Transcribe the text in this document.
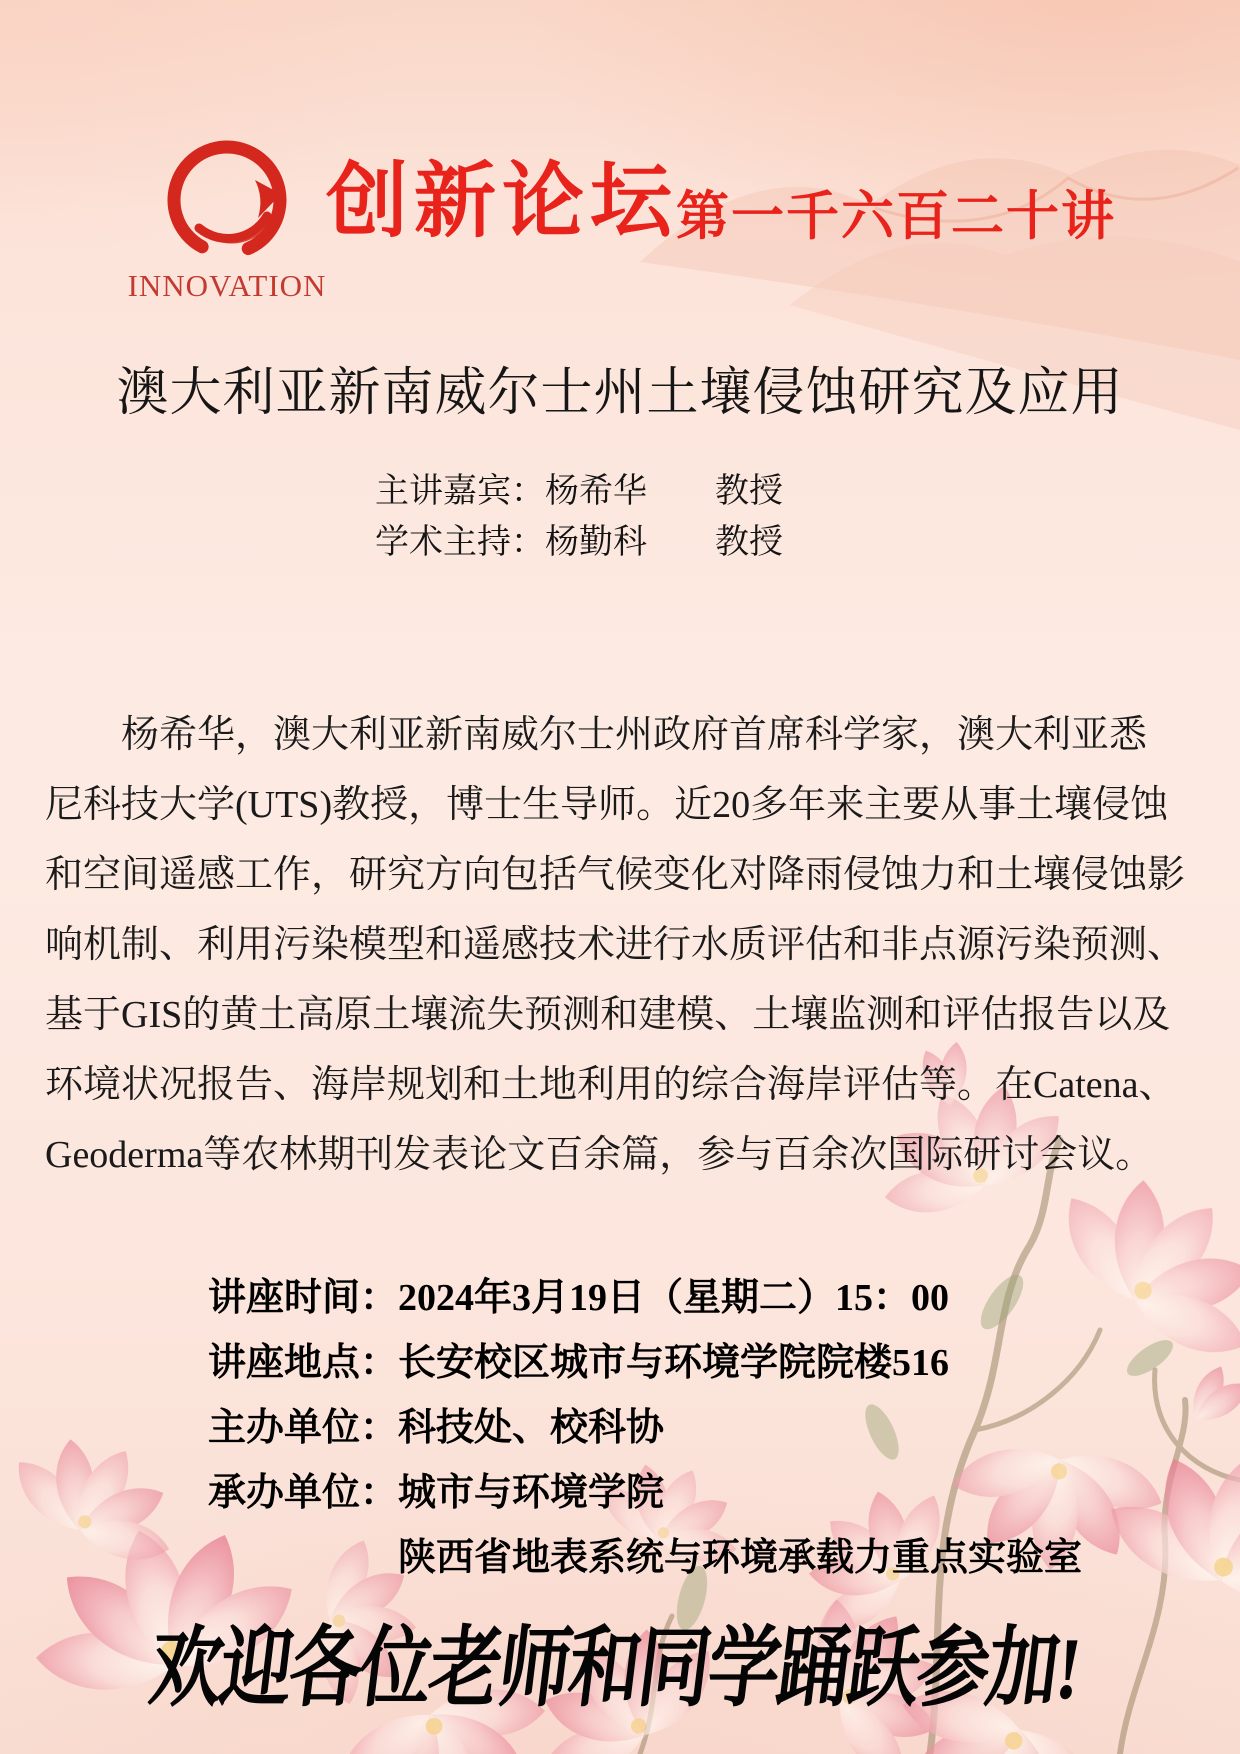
INNOVATION
创新论坛
第一千六百二十讲
澳大利亚新南威尔士州土壤侵蚀研究及应用
主讲嘉宾：杨希华 教授
学术主持：杨勤科 教授
杨希华，澳大利亚新南威尔士州政府首席科学家，澳大利亚悉
尼科技大学(UTS)教授，博士生导师。近20多年来主要从事土壤侵蚀
和空间遥感工作，研究方向包括气候变化对降雨侵蚀力和土壤侵蚀影
响机制、利用污染模型和遥感技术进行水质评估和非点源污染预测、
基于GIS的黄土高原土壤流失预测和建模、土壤监测和评估报告以及
环境状况报告、海岸规划和土地利用的综合海岸评估等。在Catena、
Geoderma等农林期刊发表论文百余篇，参与百余次国际研讨会议。
讲座时间：2024年3月19日（星期二）15：00
讲座地点：长安校区城市与环境学院院楼516
主办单位：科技处、校科协
承办单位：城市与环境学院
陕西省地表系统与环境承载力重点实验室
欢迎各位老师和同学踊跃参加!
